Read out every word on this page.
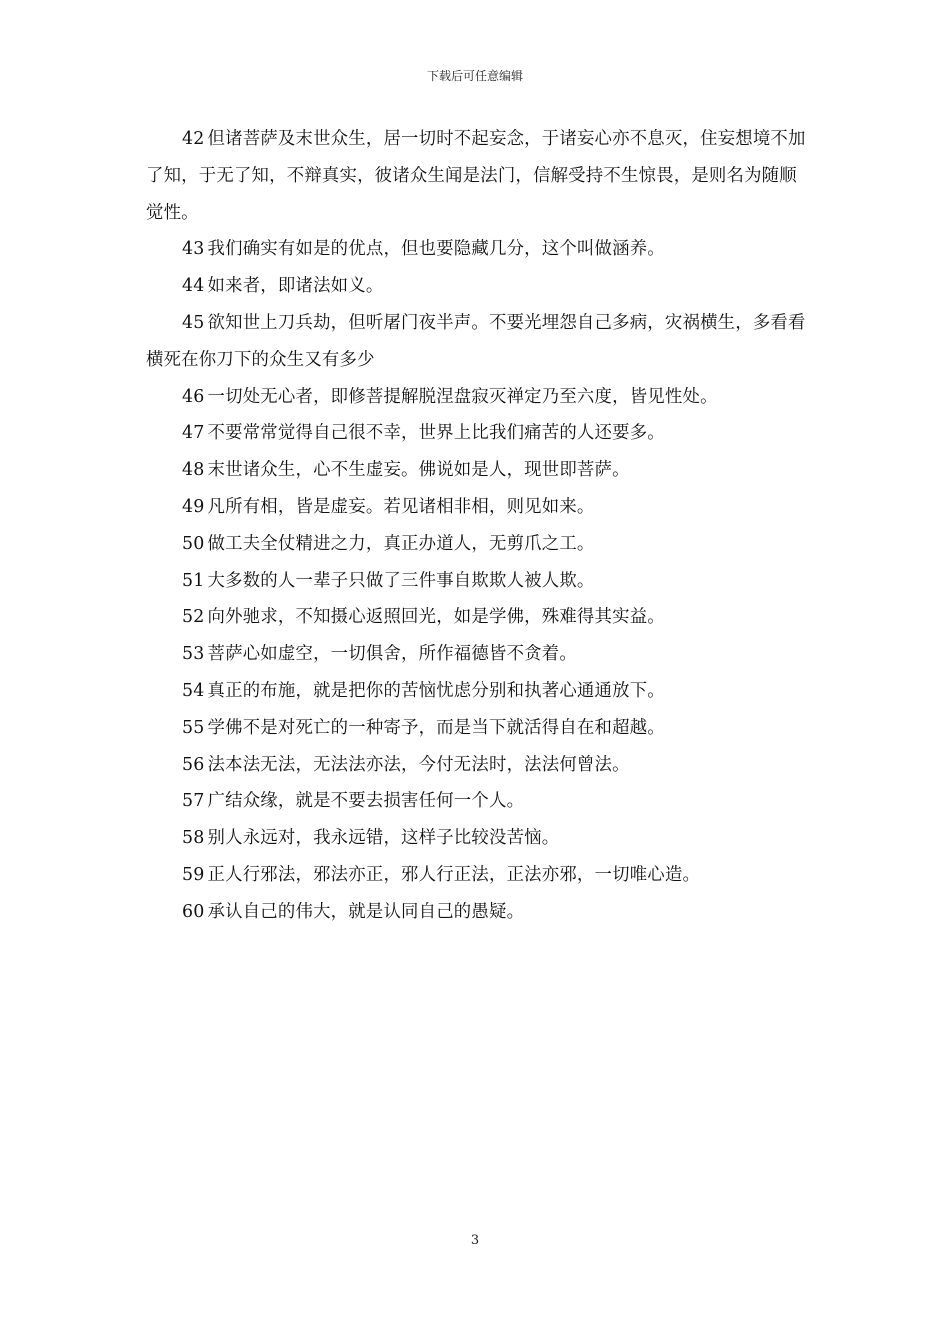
下载后可任意编辑

42 但诸菩萨及末世众生，居一切时不起妄念，于诸妄心亦不息灭，住妄想境不加了知，于无了知，不辩真实，彼诸众生闻是法门，信解受持不生惊畏，是则名为随顺觉性。

43 我们确实有如是的优点，但也要隐藏几分，这个叫做涵养。

44 如来者，即诸法如义。

45 欲知世上刀兵劫，但听屠门夜半声。不要光埋怨自己多病，灾祸横生，多看看横死在你刀下的众生又有多少

46 一切处无心者，即修菩提解脱涅盘寂灭禅定乃至六度，皆见性处。

47 不要常常觉得自己很不幸，世界上比我们痛苦的人还要多。

48 末世诸众生，心不生虚妄。佛说如是人，现世即菩萨。

49 凡所有相，皆是虚妄。若见诸相非相，则见如来。

50 做工夫全仗精进之力，真正办道人，无剪爪之工。

51 大多数的人一辈子只做了三件事自欺欺人被人欺。

52 向外驰求，不知摄心返照回光，如是学佛，殊难得其实益。

53 菩萨心如虚空，一切俱舍，所作福德皆不贪着。

54 真正的布施，就是把你的苦恼忧虑分别和执著心通通放下。

55 学佛不是对死亡的一种寄予，而是当下就活得自在和超越。

56 法本法无法，无法法亦法，今付无法时，法法何曾法。

57 广结众缘，就是不要去损害任何一个人。

58 别人永远对，我永远错，这样子比较没苦恼。

59 正人行邪法，邪法亦正，邪人行正法，正法亦邪，一切唯心造。

60 承认自己的伟大，就是认同自己的愚疑。

3
